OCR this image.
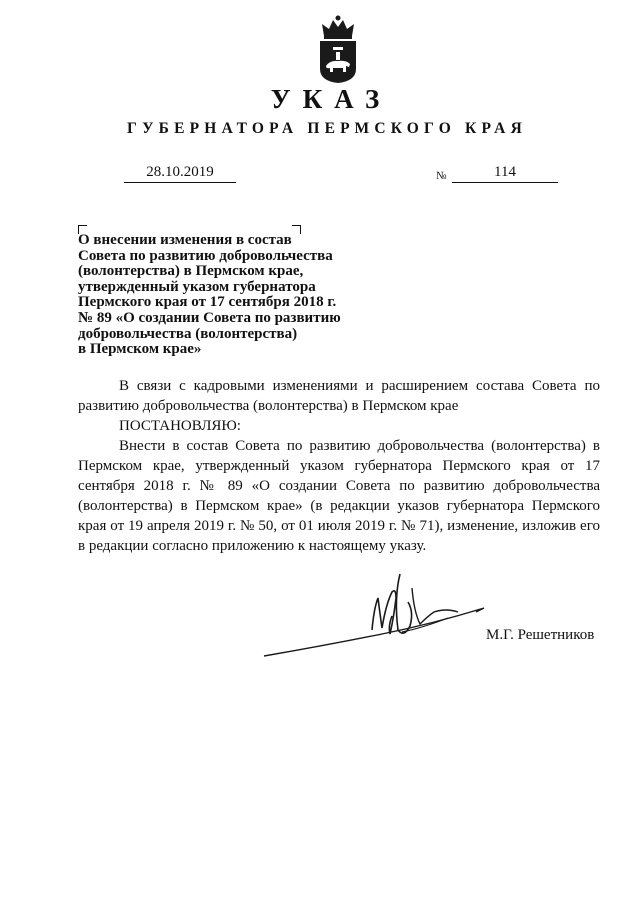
УКАЗ
ГУБЕРНАТОРА ПЕРМСКОГО КРАЯ
28.10.2019	№	114
О внесении изменения в состав
Совета по развитию добровольчества
(волонтерства) в Пермском крае,
утвержденный указом губернатора
Пермского края от 17 сентября 2018 г.
№ 89 «О создании Совета по развитию
добровольчества (волонтерства)
в Пермском крае»

В связи с кадровыми изменениями и расширением состава Совета по развитию добровольчества (волонтерства) в Пермском крае

ПОСТАНОВЛЯЮ:

Внести в состав Совета по развитию добровольчества (волонтерства) в Пермском крае, утвержденный указом губернатора Пермского края от 17 сентября 2018 г. № 89 «О создании Совета по развитию добровольчества (волонтерства) в Пермском крае» (в редакции указов губернатора Пермского края от 19 апреля 2019 г. № 50, от 01 июля 2019 г. № 71), изменение, изложив его в редакции согласно приложению к настоящему указу.

М.Г. Решетников
